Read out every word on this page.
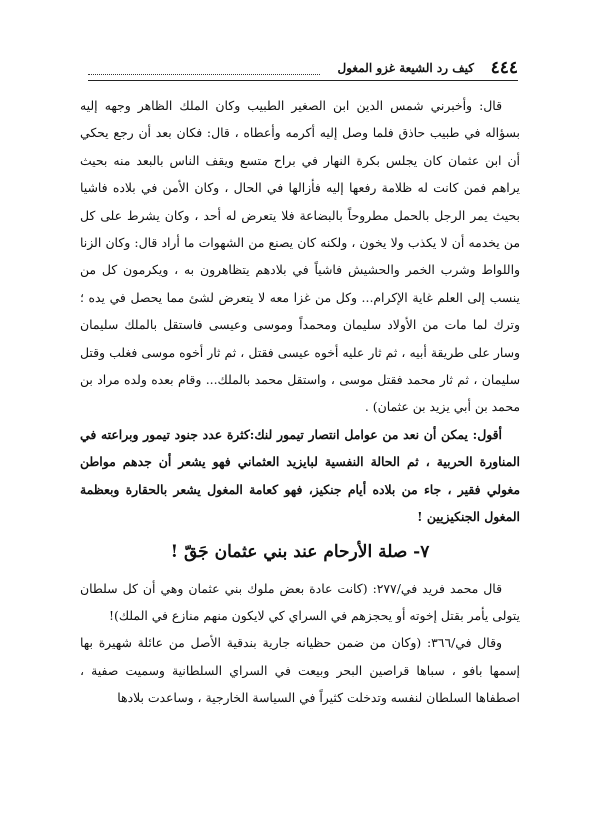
٤٤٤
كيف رد الشيعة غزو المغول

قال: وأخبرني شمس الدين ابن الصغير الطبيب وكان الملك الظاهر وجهه إليه بسؤاله في طبيب حاذق فلما وصل إليه أكرمه وأعطاه ، قال: فكان بعد أن رجع يحكي أن ابن عثمان كان يجلس بكرة النهار في براح متسع ويقف الناس بالبعد منه بحيث يراهم فمن كانت له ظلامة رفعها إليه فأزالها في الحال ، وكان الأمن في بلاده فاشيا بحيث يمر الرجل بالحمل مطروحاً بالبضاعة فلا يتعرض له أحد ، وكان يشرط على كل من يخدمه أن لا يكذب ولا يخون ، ولكنه كان يصنع من الشهوات ما أراد قال: وكان الزنا واللواط وشرب الخمر والحشيش فاشياً في بلادهم يتظاهرون به ، ويكرمون كل من ينسب إلى العلم غاية الإكرام... وكل من غزا معه لا يتعرض لشئ مما يحصل في يده ؛ وترك لما مات من الأولاد سليمان ومحمداً وموسى وعيسى فاستقل بالملك سليمان وسار على طريقة أبيه ، ثم ثار عليه أخوه عيسى فقتل ، ثم ثار أخوه موسى فغلب وقتل سليمان ، ثم ثار محمد فقتل موسى ، واستقل محمد بالملك... وقام بعده ولده مراد بن محمد بن أبي يزيد بن عثمان) .

أقول: يمكن أن نعد من عوامل انتصار تيمور لنك:كثرة عدد جنود تيمور وبراعته في المناورة الحربية ، ثم الحالة النفسية لبايزيد العثماني فهو يشعر أن جدهم مواطن مغولي فقير ، جاء من بلاده أيام جنكيز، فهو كعامة المغول يشعر بالحقارة وبعظمة المغول الجنكيزيين !

٧- صلة الأرحام عند بني عثمان جَقّ !

قال محمد فريد في/٢٧٧: (كانت عادة بعض ملوك بني عثمان وهي أن كل سلطان يتولى يأمر بقتل إخوته أو يحجزهم في السراي كي لايكون منهم منازع في الملك)!

وقال في/٣٦٦: (وكان من ضمن حظيانه جارية بندقية الأصل من عائلة شهيرة بها إسمها بافو ، سباها قراصين البحر وبيعت في السراي السلطانية وسميت صفية ، اصطفاها السلطان لنفسه وتدخلت كثيراً في السياسة الخارجية ، وساعدت بلادها
